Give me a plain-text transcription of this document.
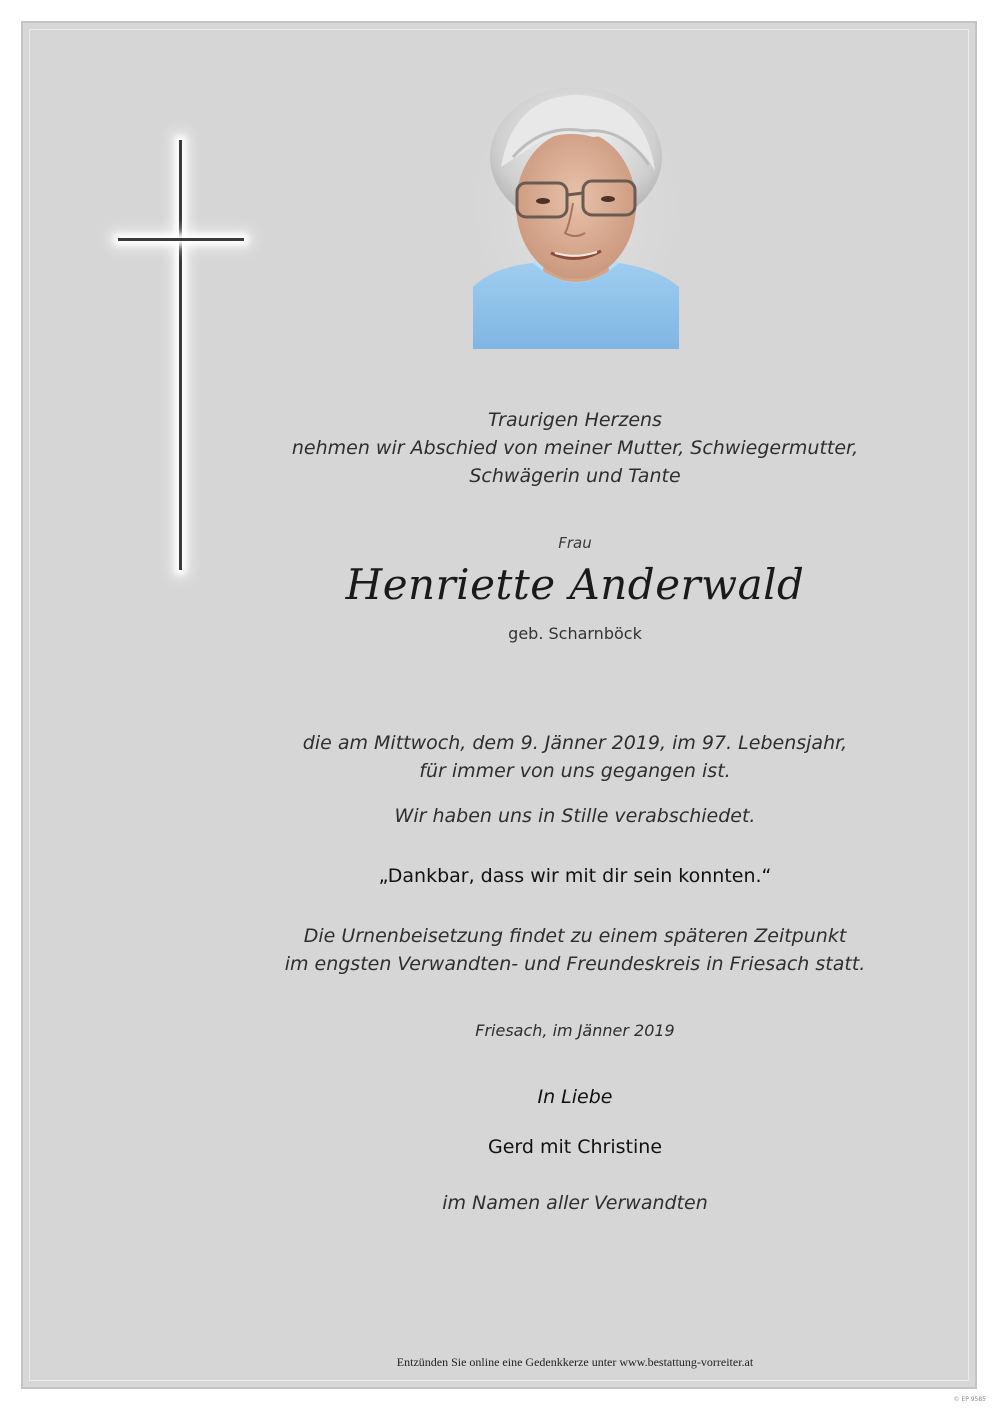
Traurigen Herzens
nehmen wir Abschied von meiner Mutter, Schwiegermutter,
Schwägerin und Tante
Frau
Henriette Anderwald
geb. Scharnböck
die am Mittwoch, dem 9. Jänner 2019, im 97. Lebensjahr,
für immer von uns gegangen ist.
Wir haben uns in Stille verabschiedet.
„Dankbar, dass wir mit dir sein konnten.“
Die Urnenbeisetzung findet zu einem späteren Zeitpunkt
im engsten Verwandten- und Freundeskreis in Friesach statt.
Friesach, im Jänner 2019
In Liebe
Gerd mit Christine
im Namen aller Verwandten
Entzünden Sie online eine Gedenkkerze unter www.bestattung-vorreiter.at
© EP 9585
